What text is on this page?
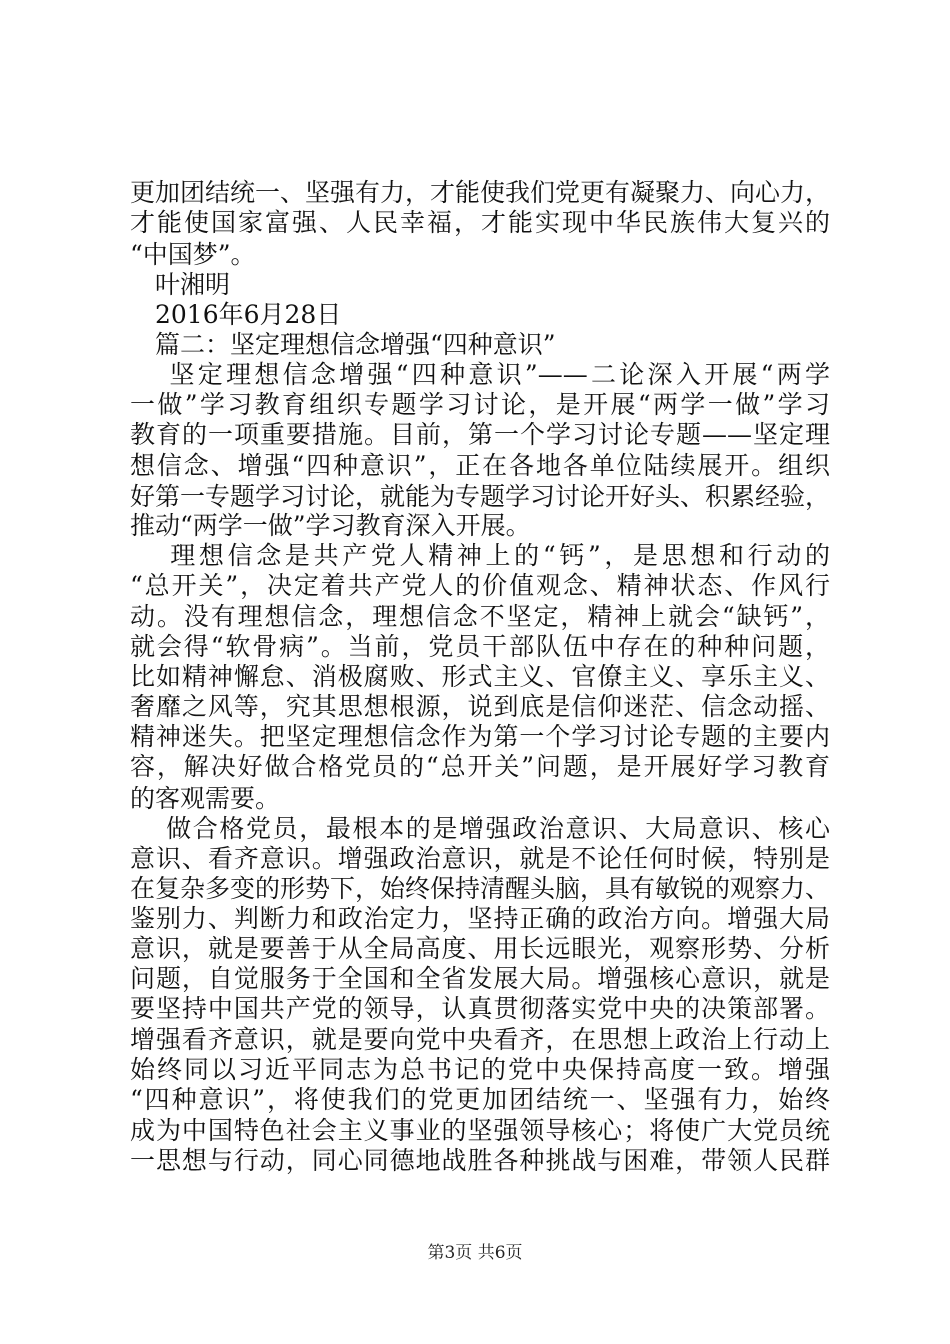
更加团结统一、坚强有力，才能使我们党更有凝聚力、向心力，
才能使国家富强、人民幸福，才能实现中华民族伟大复兴的
“中国梦”。
　叶湘明
　2016年6月28日
　篇二：坚定理想信念增强“四种意识”
　 坚定理想信念增强“四种意识”——二论深入开展“两学
一做”学习教育组织专题学习讨论，是开展“两学一做”学习
教育的一项重要措施。目前，第一个学习讨论专题——坚定理
想信念、增强“四种意识”，正在各地各单位陆续展开。组织
好第一专题学习讨论，就能为专题学习讨论开好头、积累经验，
推动“两学一做”学习教育深入开展。
　 理想信念是共产党人精神上的“钙”，是思想和行动的
“总开关”，决定着共产党人的价值观念、精神状态、作风行
动。没有理想信念，理想信念不坚定，精神上就会“缺钙”，
就会得“软骨病”。当前，党员干部队伍中存在的种种问题，
比如精神懈怠、消极腐败、形式主义、官僚主义、享乐主义、
奢靡之风等，究其思想根源，说到底是信仰迷茫、信念动摇、
精神迷失。把坚定理想信念作为第一个学习讨论专题的主要内
容，解决好做合格党员的“总开关”问题，是开展好学习教育
的客观需要。
　 做合格党员，最根本的是增强政治意识、大局意识、核心
意识、看齐意识。增强政治意识，就是不论任何时候，特别是
在复杂多变的形势下，始终保持清醒头脑，具有敏锐的观察力、
鉴别力、判断力和政治定力，坚持正确的政治方向。增强大局
意识，就是要善于从全局高度、用长远眼光，观察形势、分析
问题，自觉服务于全国和全省发展大局。增强核心意识，就是
要坚持中国共产党的领导，认真贯彻落实党中央的决策部署。
增强看齐意识，就是要向党中央看齐，在思想上政治上行动上
始终同以习近平同志为总书记的党中央保持高度一致。增强
“四种意识”，将使我们的党更加团结统一、坚强有力，始终
成为中国特色社会主义事业的坚强领导核心；将使广大党员统
一思想与行动，同心同德地战胜各种挑战与困难，带领人民群
第3页 共6页
